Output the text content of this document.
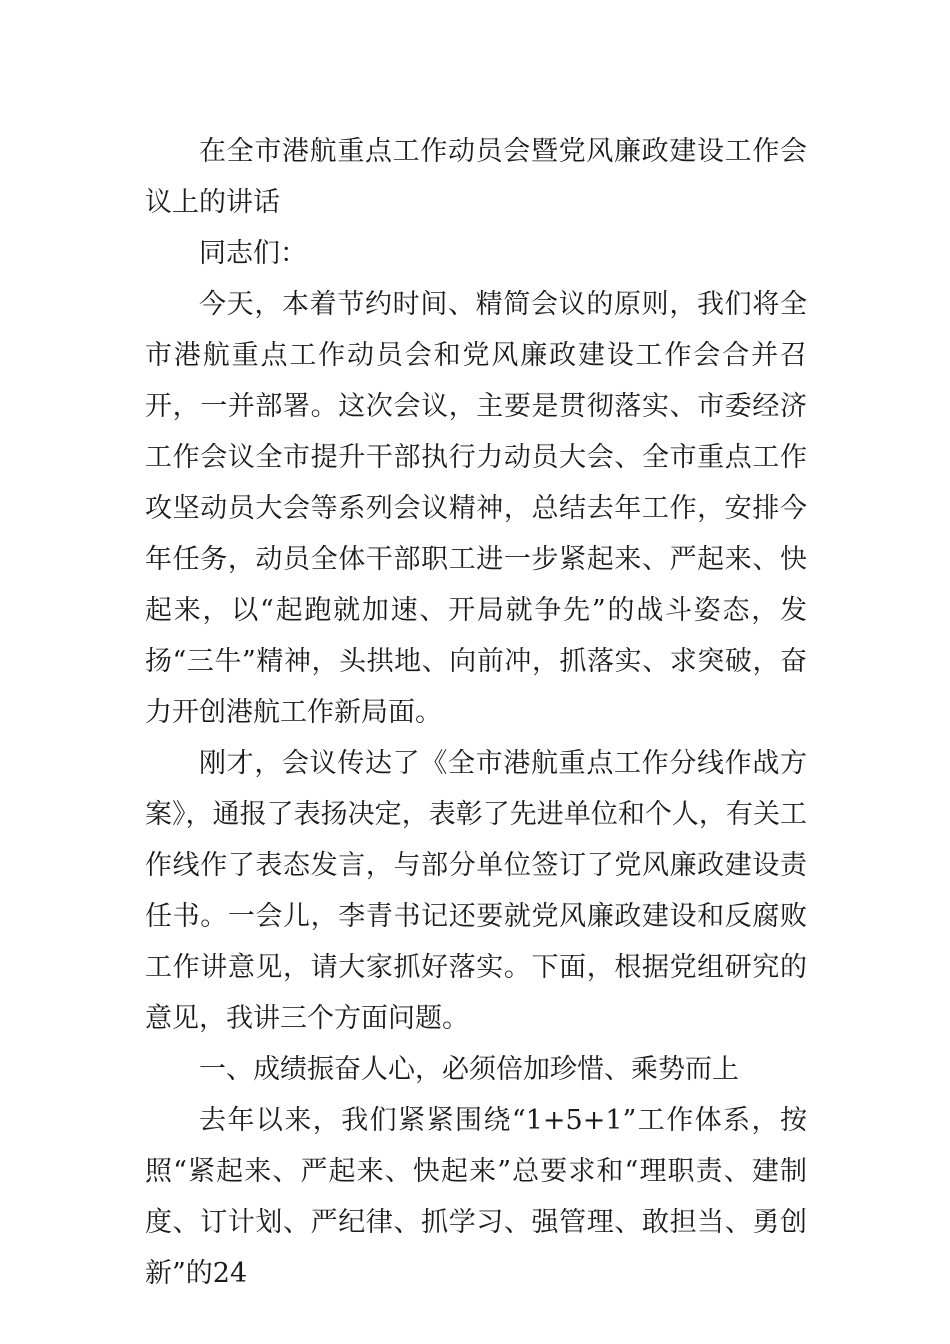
在全市港航重点工作动员会暨党风廉政建设工作会议上的讲话

同志们：

今天，本着节约时间、精简会议的原则，我们将全市港航重点工作动员会和党风廉政建设工作会合并召开，一并部署。这次会议，主要是贯彻落实、市委经济工作会议全市提升干部执行力动员大会、全市重点工作攻坚动员大会等系列会议精神，总结去年工作，安排今年任务，动员全体干部职工进一步紧起来、严起来、快起来，以“起跑就加速、开局就争先”的战斗姿态，发扬“三牛”精神，头拱地、向前冲，抓落实、求突破，奋力开创港航工作新局面。

刚才，会议传达了《全市港航重点工作分线作战方案》，通报了表扬决定，表彰了先进单位和个人，有关工作线作了表态发言，与部分单位签订了党风廉政建设责任书。一会儿，李青书记还要就党风廉政建设和反腐败工作讲意见，请大家抓好落实。下面，根据党组研究的意见，我讲三个方面问题。

一、成绩振奋人心，必须倍加珍惜、乘势而上

去年以来，我们紧紧围绕“1+5+1”工作体系，按照“紧起来、严起来、快起来”总要求和“理职责、建制度、订计划、严纪律、抓学习、强管理、敢担当、勇创新”的24
